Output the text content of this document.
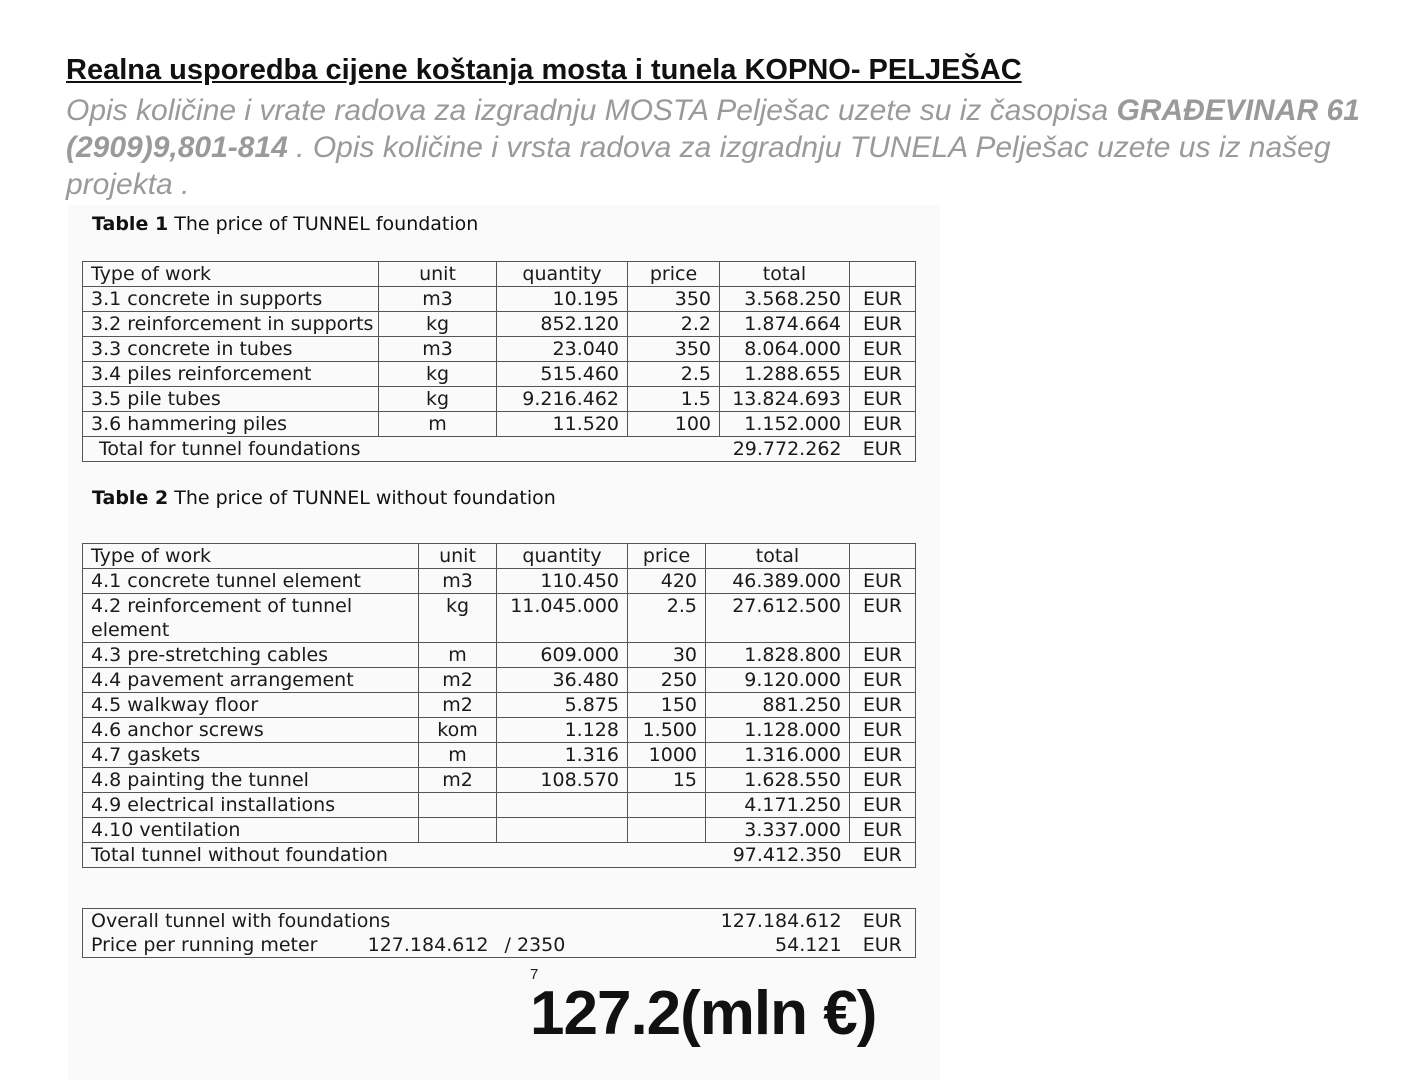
Realna usporedba cijene koštanja mosta i tunela KOPNO- PELJEŠAC
Opis količine i vrate radova za izgradnju MOSTA Pelješac uzete su iz časopisa GRAĐEVINAR 61 (2909)9,801-814 . Opis količine i vrsta radova za izgradnju TUNELA Pelješac uzete us iz našeg projekta .
Table 1 The price of TUNNEL foundation
Type of work	unit	quantity	price	total	
3.1 concrete in supports	m3	10.195	350	3.568.250	EUR
3.2 reinforcement in supports	kg	852.120	2.2	1.874.664	EUR
3.3 concrete in tubes	m3	23.040	350	8.064.000	EUR
3.4 piles reinforcement	kg	515.460	2.5	1.288.655	EUR
3.5 pile tubes	kg	9.216.462	1.5	13.824.693	EUR
3.6 hammering piles	m	11.520	100	1.152.000	EUR
Total for tunnel foundations				29.772.262	EUR
Table 2 The price of TUNNEL without foundation
Type of work	unit	quantity	price	total	
4.1 concrete tunnel element	m3	110.450	420	46.389.000	EUR
4.2 reinforcement of tunnel element	kg	11.045.000	2.5	27.612.500	EUR
4.3 pre-stretching cables	m	609.000	30	1.828.800	EUR
4.4 pavement arrangement	m2	36.480	250	9.120.000	EUR
4.5 walkway floor	m2	5.875	150	881.250	EUR
4.6 anchor screws	kom	1.128	1.500	1.128.000	EUR
4.7 gaskets	m	1.316	1000	1.316.000	EUR
4.8 painting the tunnel	m2	108.570	15	1.628.550	EUR
4.9 electrical installations				4.171.250	EUR
4.10 ventilation				3.337.000	EUR
Total tunnel without foundation				97.412.350	EUR
Overall tunnel with foundations			127.184.612	EUR
Price per running meter	127.184.612	/ 2350	54.121	EUR
7
127.2(mln €)
